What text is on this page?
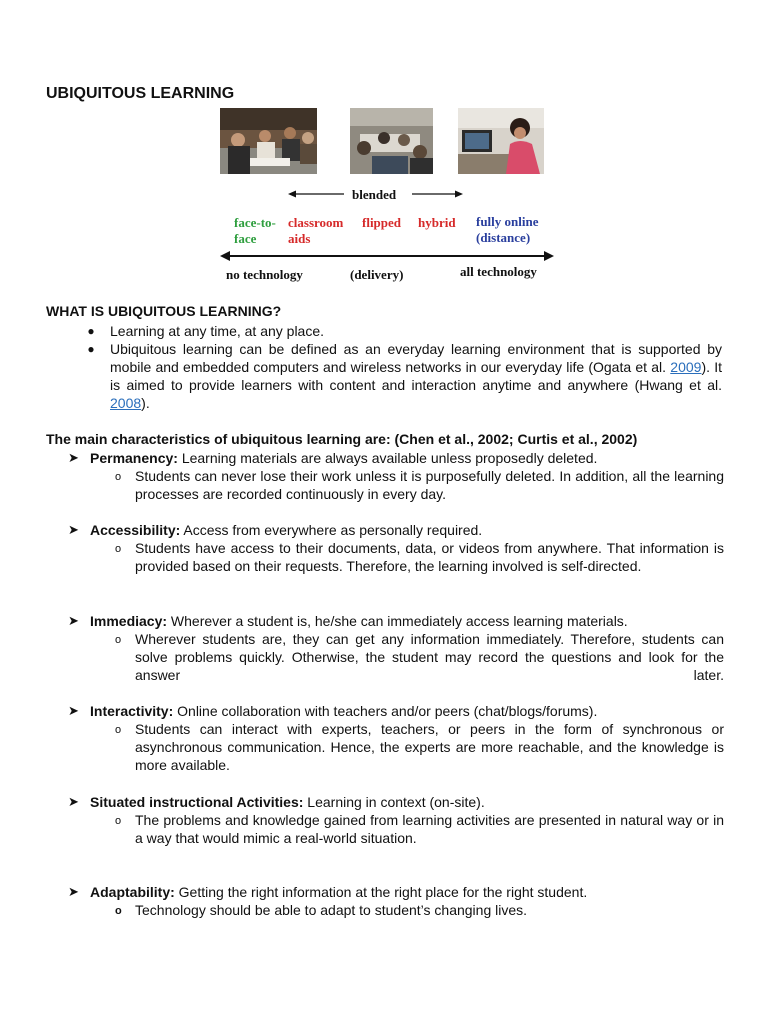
UBIQUITOUS LEARNING
blended
face-to-
face
classroom
aids
flipped hybrid fully online
(distance)
no technology	(delivery)	all technology
WHAT IS UBIQUITOUS LEARNING?
● Learning at any time, at any place.
● Ubiquitous learning can be defined as an everyday learning environment that is supported by mobile and embedded computers and wireless networks in our everyday life (Ogata et al. 2009). It is aimed to provide learners with content and interaction anytime and anywhere (Hwang et al. 2008).
The main characteristics of ubiquitous learning are: (Chen et al., 2002; Curtis et al., 2002)
➤ Permanency: Learning materials are always available unless proposedly deleted.
o Students can never lose their work unless it is purposefully deleted. In addition, all the learning processes are recorded continuously in every day.
➤ Accessibility: Access from everywhere as personally required.
o Students have access to their documents, data, or videos from anywhere. That information is provided based on their requests. Therefore, the learning involved is self-directed.
➤ Immediacy: Wherever a student is, he/she can immediately access learning materials.
o Wherever students are, they can get any information immediately. Therefore, students can solve problems quickly. Otherwise, the student may record the questions and look for the answer later.
➤ Interactivity: Online collaboration with teachers and/or peers (chat/blogs/forums).
o Students can interact with experts, teachers, or peers in the form of synchronous or asynchronous communication. Hence, the experts are more reachable, and the knowledge is more available.
➤ Situated instructional Activities: Learning in context (on-site).
o The problems and knowledge gained from learning activities are presented in natural way or in a way that would mimic a real-world situation.
➤ Adaptability: Getting the right information at the right place for the right student.
o Technology should be able to adapt to student’s changing lives.
